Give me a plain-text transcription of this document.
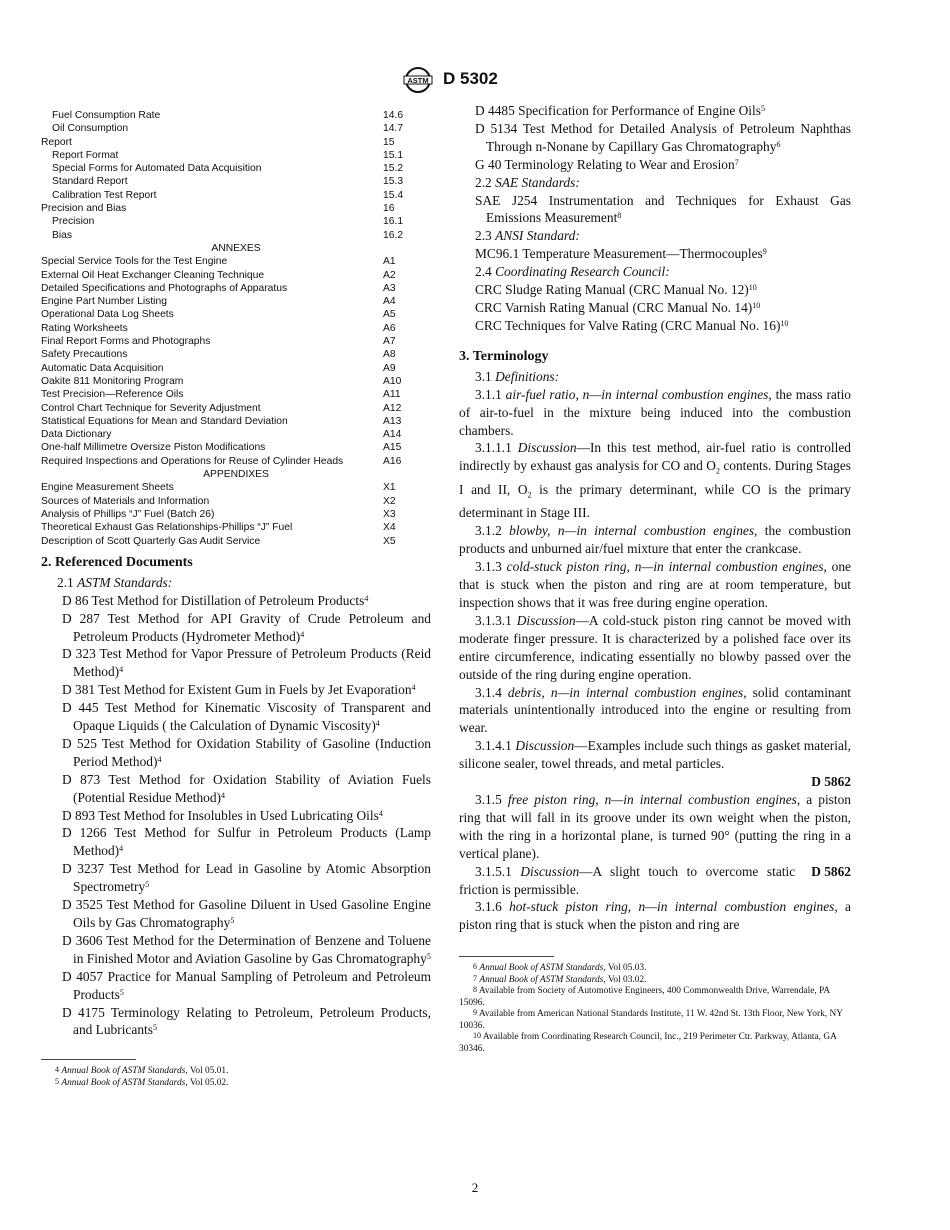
ASTM D 5302
Fuel Consumption Rate	14.6
Oil Consumption	14.7
Report	15
Report Format	15.1
Special Forms for Automated Data Acquisition	15.2
Standard Report	15.3
Calibration Test Report	15.4
Precision and Bias	16
Precision	16.1
Bias	16.2
ANNEXES
Special Service Tools for the Test Engine	A1
External Oil Heat Exchanger Cleaning Technique	A2
Detailed Specifications and Photographs of Apparatus	A3
Engine Part Number Listing	A4
Operational Data Log Sheets	A5
Rating Worksheets	A6
Final Report Forms and Photographs	A7
Safety Precautions	A8
Automatic Data Acquisition	A9
Oakite 811 Monitoring Program	A10
Test Precision—Reference Oils	A11
Control Chart Technique for Severity Adjustment	A12
Statistical Equations for Mean and Standard Deviation	A13
Data Dictionary	A14
One-half Millimetre Oversize Piston Modifications	A15
Required Inspections and Operations for Reuse of Cylinder Heads	A16
APPENDIXES
Engine Measurement Sheets	X1
Sources of Materials and Information	X2
Analysis of Phillips “J” Fuel (Batch 26)	X3
Theoretical Exhaust Gas Relationships-Phillips “J” Fuel	X4
Description of Scott Quarterly Gas Audit Service	X5
2. Referenced Documents
2.1 ASTM Standards:
D 86 Test Method for Distillation of Petroleum Products$^4$
D 287 Test Method for API Gravity of Crude Petroleum and Petroleum Products (Hydrometer Method)$^4$
D 323 Test Method for Vapor Pressure of Petroleum Products (Reid Method)$^4$
D 381 Test Method for Existent Gum in Fuels by Jet Evaporation$^4$
D 445 Test Method for Kinematic Viscosity of Transparent and Opaque Liquids ( the Calculation of Dynamic Viscosity)$^4$
D 525 Test Method for Oxidation Stability of Gasoline (Induction Period Method)$^4$
D 873 Test Method for Oxidation Stability of Aviation Fuels (Potential Residue Method)$^4$
D 893 Test Method for Insolubles in Used Lubricating Oils$^4$
D 1266 Test Method for Sulfur in Petroleum Products (Lamp Method)$^4$
D 3237 Test Method for Lead in Gasoline by Atomic Absorption Spectrometry$^5$
D 3525 Test Method for Gasoline Diluent in Used Gasoline Engine Oils by Gas Chromatography$^5$
D 3606 Test Method for the Determination of Benzene and Toluene in Finished Motor and Aviation Gasoline by Gas Chromatography$^5$
D 4057 Practice for Manual Sampling of Petroleum and Petroleum Products$^5$
D 4175 Terminology Relating to Petroleum, Petroleum Products, and Lubricants$^5$
$^4$ Annual Book of ASTM Standards, Vol 05.01.
$^5$ Annual Book of ASTM Standards, Vol 05.02.
D 4485 Specification for Performance of Engine Oils$^5$
D 5134 Test Method for Detailed Analysis of Petroleum Naphthas Through n-Nonane by Capillary Gas Chromatography$^6$
G 40 Terminology Relating to Wear and Erosion$^7$
2.2 SAE Standards:
SAE J254 Instrumentation and Techniques for Exhaust Gas Emissions Measurement$^8$
2.3 ANSI Standard:
MC96.1 Temperature Measurement—Thermocouples$^9$
2.4 Coordinating Research Council:
CRC Sludge Rating Manual (CRC Manual No. 12)$^{10}$
CRC Varnish Rating Manual (CRC Manual No. 14)$^{10}$
CRC Techniques for Valve Rating (CRC Manual No. 16)$^{10}$
3. Terminology
3.1 Definitions:
3.1.1 air-fuel ratio, n—in internal combustion engines, the mass ratio of air-to-fuel in the mixture being induced into the combustion chambers.
3.1.1.1 Discussion—In this test method, air-fuel ratio is controlled indirectly by exhaust gas analysis for CO and $O_2$ contents. During Stages I and II, $O_2$ is the primary determinant, while CO is the primary determinant in Stage III.
3.1.2 blowby, n—in internal combustion engines, the combustion products and unburned air/fuel mixture that enter the crankcase.
3.1.3 cold-stuck piston ring, n—in internal combustion engines, one that is stuck when the piston and ring are at room temperature, but inspection shows that it was free during engine operation.
3.1.3.1 Discussion—A cold-stuck piston ring cannot be moved with moderate finger pressure. It is characterized by a polished face over its entire circumference, indicating essentially no blowby passed over the outside of the ring during engine operation.
3.1.4 debris, n—in internal combustion engines, solid contaminant materials unintentionally introduced into the engine or resulting from wear.
3.1.4.1 Discussion—Examples include such things as gasket material, silicone sealer, towel threads, and metal particles.
D 5862
3.1.5 free piston ring, n—in internal combustion engines, a piston ring that will fall in its groove under its own weight when the piston, with the ring in a horizontal plane, is turned 90° (putting the ring in a vertical plane).
D 5862
3.1.5.1 Discussion—A slight touch to overcome static friction is permissible.
3.1.6 hot-stuck piston ring, n—in internal combustion engines, a piston ring that is stuck when the piston and ring are
$^6$ Annual Book of ASTM Standards, Vol 05.03.
$^7$ Annual Book of ASTM Standards, Vol 03.02.
$^8$ Available from Society of Automotive Engineers, 400 Commonwealth Drive, Warrendale, PA 15096.
$^9$ Available from American National Standards Institute, 11 W. 42nd St. 13th Floor, New York, NY 10036.
$^{10}$ Available from Coordinating Research Council, Inc., 219 Perimeter Ctr. Parkway, Atlanta, GA 30346.
2
